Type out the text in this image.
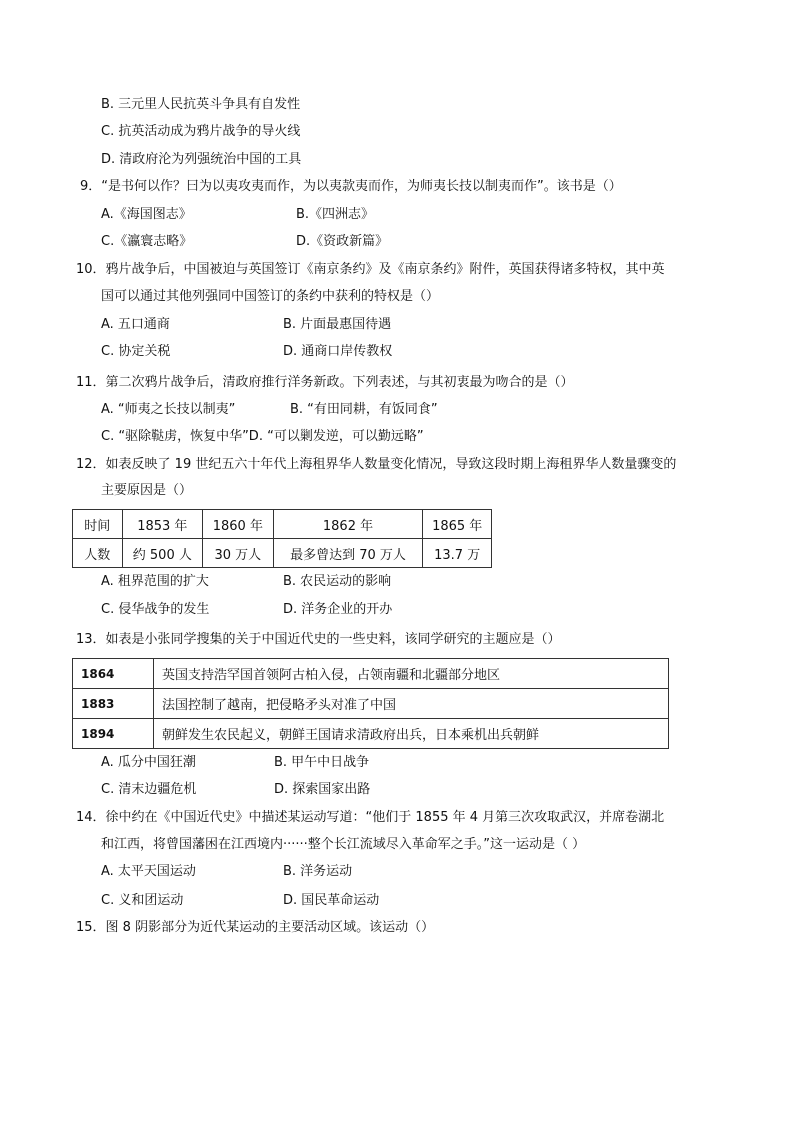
B. 三元里人民抗英斗争具有自发性
C. 抗英活动成为鸦片战争的导火线
D. 清政府沦为列强统治中国的工具
9．“是书何以作？曰为以夷攻夷而作，为以夷款夷而作，为师夷长技以制夷而作”。该书是（）
A.《海国图志》	B.《四洲志》
C.《瀛寰志略》	D.《资政新篇》
10．鸦片战争后，中国被迫与英国签订《南京条约》及《南京条约》附件，英国获得诸多特权，其中英
国可以通过其他列强同中国签订的条约中获利的特权是（）
A. 五口通商	B. 片面最惠国待遇
C. 协定关税	D. 通商口岸传教权
11．第二次鸦片战争后，清政府推行洋务新政。下列表述，与其初衷最为吻合的是（）
A. “师夷之长技以制夷”	B. “有田同耕，有饭同食”
C. “驱除鞑虏，恢复中华”D. “可以剿发逆，可以勤远略”
12．如表反映了 19 世纪五六十年代上海租界华人数量变化情况，导致这段时期上海租界华人数量骤变的
主要原因是（）
时间	1853 年	1860 年	1862 年	1865 年
人数	约 500 人	30 万人	最多曾达到 70 万人	13.7 万
A. 租界范围的扩大	B. 农民运动的影响
C. 侵华战争的发生	D. 洋务企业的开办
13．如表是小张同学搜集的关于中国近代史的一些史料，该同学研究的主题应是（）
1864	英国支持浩罕国首领阿古柏入侵，占领南疆和北疆部分地区
1883	法国控制了越南，把侵略矛头对准了中国
1894	朝鲜发生农民起义，朝鲜王国请求清政府出兵，日本乘机出兵朝鲜
A. 瓜分中国狂潮	B. 甲午中日战争
C. 清末边疆危机	D. 探索国家出路
14．徐中约在《中国近代史》中描述某运动写道：“他们于 1855 年 4 月第三次攻取武汉，并席卷湖北
和江西，将曾国藩困在江西境内······整个长江流域尽入革命军之手。”这一运动是（ ）
A. 太平天国运动	B. 洋务运动
C. 义和团运动	D. 国民革命运动
15．图 8 阴影部分为近代某运动的主要活动区域。该运动（）
